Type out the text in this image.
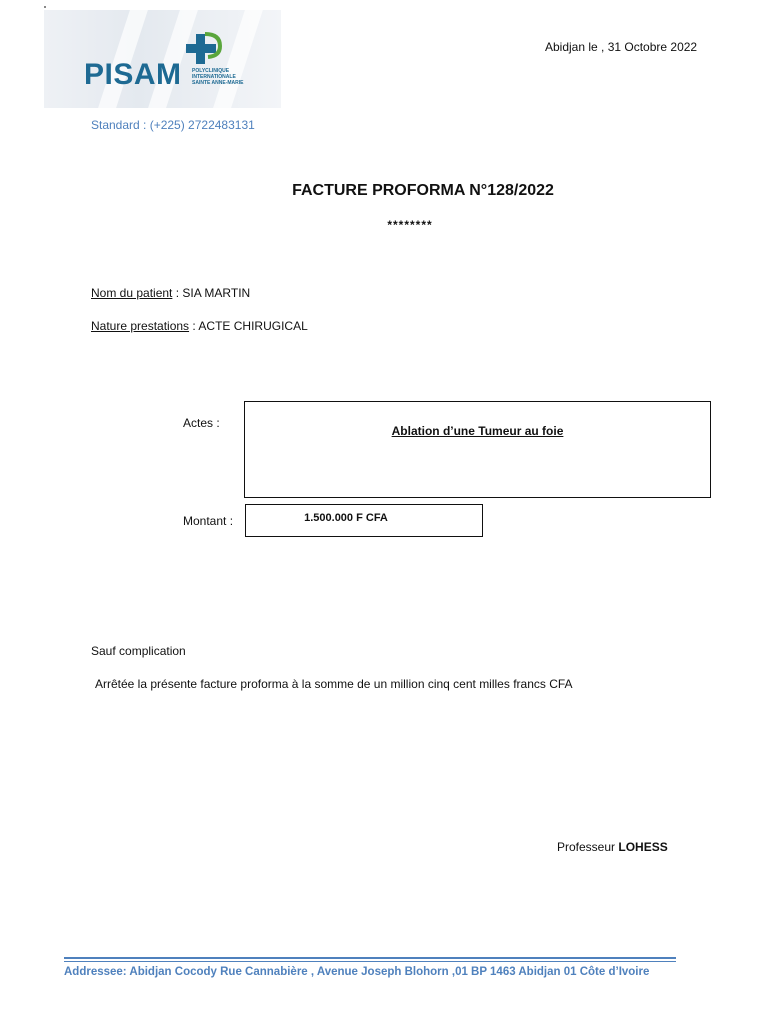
PISAM POLYCLINIQUE INTERNATIONALE SAINTE ANNE-MARIE
Standard : (+225) 2722483131
Abidjan le , 31 Octobre 2022
FACTURE PROFORMA N°128/2022
********
Nom du patient : SIA MARTIN
Nature prestations : ACTE CHIRUGICAL
Actes :
Ablation d’une Tumeur au foie
Montant :	1.500.000 F CFA
Sauf complication
Arrêtée la présente facture proforma à la somme de un million cinq cent milles francs CFA
Professeur LOHESS
Addressee: Abidjan Cocody Rue Cannabière , Avenue Joseph Blohorn ,01 BP 1463 Abidjan 01 Côte d’Ivoire
